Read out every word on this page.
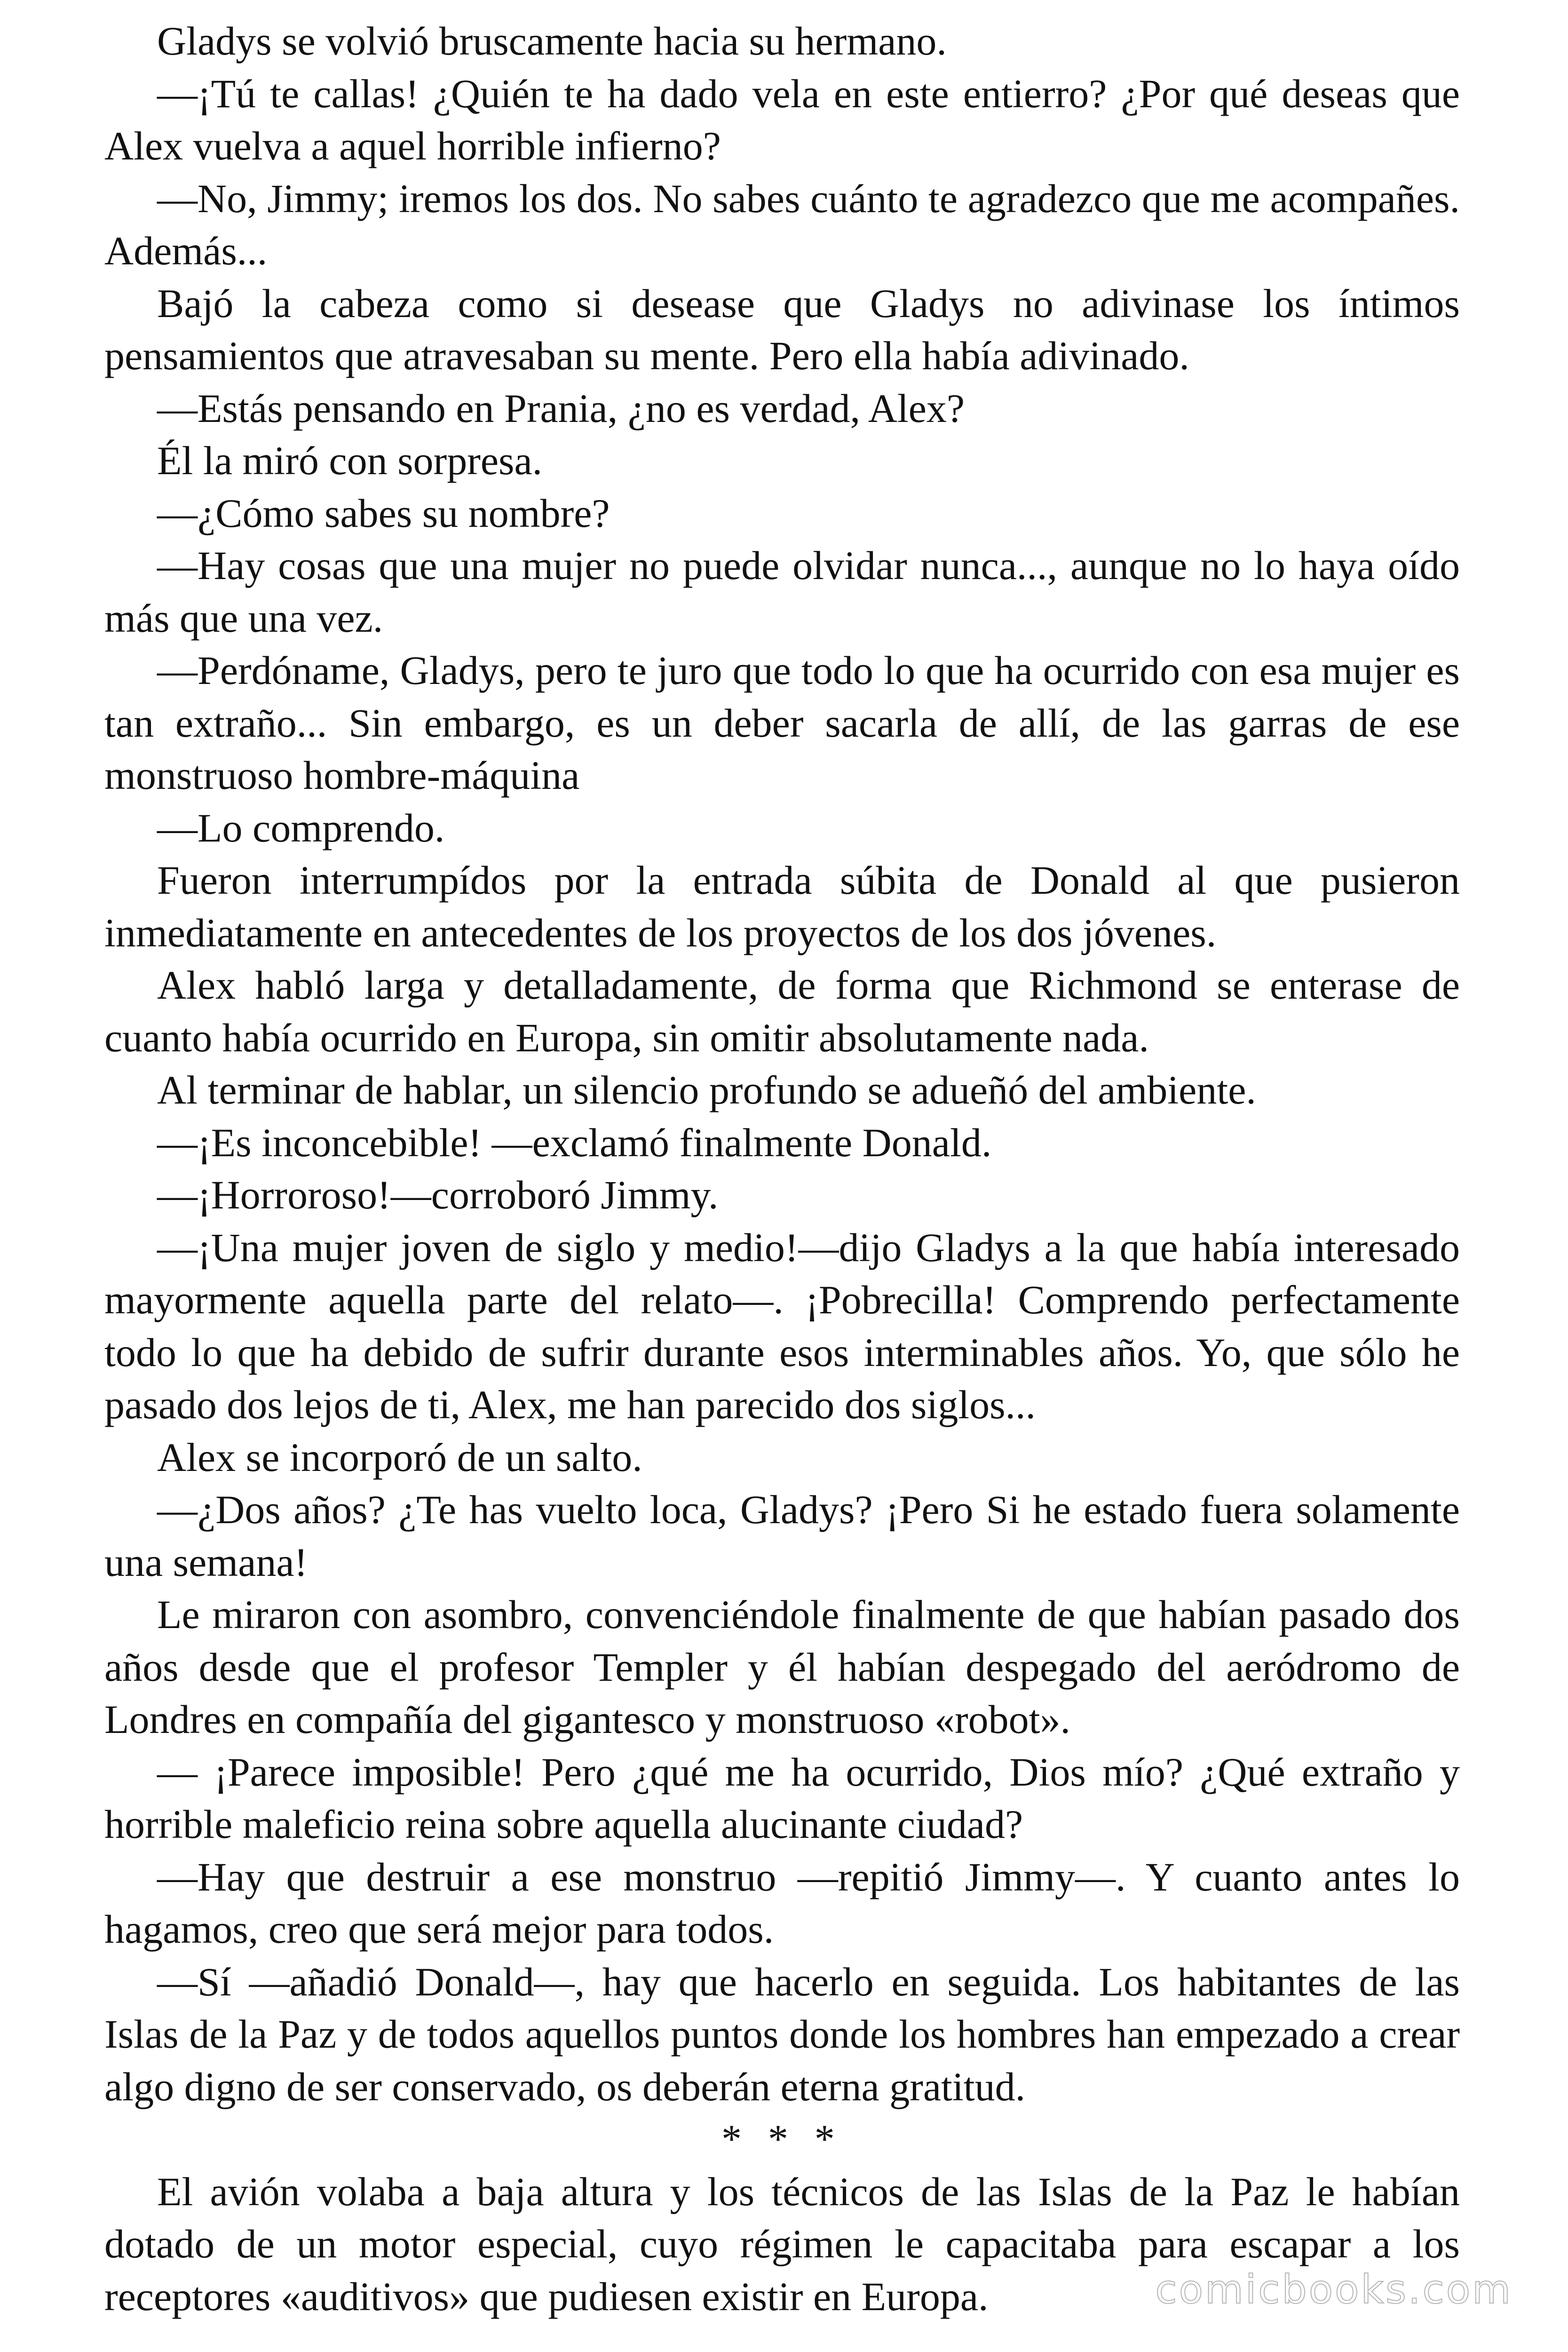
Gladys se volvió bruscamente hacia su hermano.

—¡Tú te callas! ¿Quién te ha dado vela en este entierro? ¿Por qué deseas que Alex vuelva a aquel horrible infierno?

—No, Jimmy; iremos los dos. No sabes cuánto te agradezco que me acompañes. Además...

Bajó la cabeza como si desease que Gladys no adivinase los íntimos pensamientos que atravesaban su mente. Pero ella había adivinado.

—Estás pensando en Prania, ¿no es verdad, Alex?

Él la miró con sorpresa.

—¿Cómo sabes su nombre?

—Hay cosas que una mujer no puede olvidar nunca..., aunque no lo haya oído más que una vez.

—Perdóname, Gladys, pero te juro que todo lo que ha ocurrido con esa mujer es tan extraño... Sin embargo, es un deber sacarla de allí, de las garras de ese monstruoso hombre-máquina

—Lo comprendo.

Fueron interrumpídos por la entrada súbita de Donald al que pusieron inmediatamente en antecedentes de los proyectos de los dos jóvenes.

Alex habló larga y detalladamente, de forma que Richmond se enterase de cuanto había ocurrido en Europa, sin omitir absolutamente nada.

Al terminar de hablar, un silencio profundo se adueñó del ambiente.

—¡Es inconcebible! —exclamó finalmente Donald.

—¡Horroroso!—corroboró Jimmy.

—¡Una mujer joven de siglo y medio!—dijo Gladys a la que había interesado mayormente aquella parte del relato—. ¡Pobrecilla! Comprendo perfectamente todo lo que ha debido de sufrir durante esos interminables años. Yo, que sólo he pasado dos lejos de ti, Alex, me han parecido dos siglos...

Alex se incorporó de un salto.

—¿Dos años? ¿Te has vuelto loca, Gladys? ¡Pero Si he estado fuera solamente una semana!

Le miraron con asombro, convenciéndole finalmente de que habían pasado dos años desde que el profesor Templer y él habían despegado del aeródromo de Londres en compañía del gigantesco y monstruoso «robot».

— ¡Parece imposible! Pero ¿qué me ha ocurrido, Dios mío? ¿Qué extraño y horrible maleficio reina sobre aquella alucinante ciudad?

—Hay que destruir a ese monstruo —repitió Jimmy—. Y cuanto antes lo hagamos, creo que será mejor para todos.

—Sí —añadió Donald—, hay que hacerlo en seguida. Los habitantes de las Islas de la Paz y de todos aquellos puntos donde los hombres han empezado a crear algo digno de ser conservado, os deberán eterna gratitud.

* * *

El avión volaba a baja altura y los técnicos de las Islas de la Paz le habían dotado de un motor especial, cuyo régimen le capacitaba para escapar a los receptores «auditivos» que pudiesen existir en Europa.	comicbooks.com
